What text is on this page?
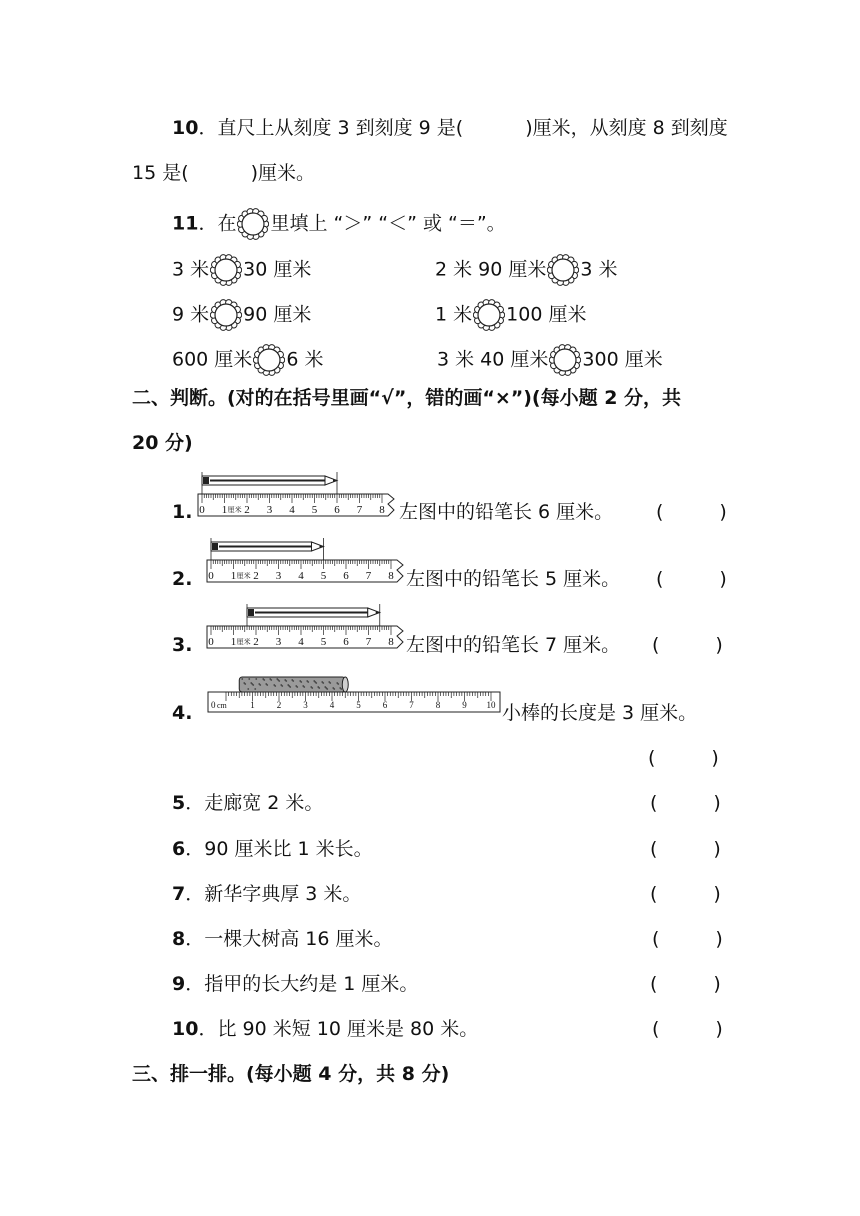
10．直尺上从刻度 3 到刻度 9 是(	)厘米，从刻度 8 到刻度
15 是(	)厘米。
11．在 里填上 “＞” “＜” 或 “＝”。
3 米 30 厘米	2 米 90 厘米 3 米
9 米 90 厘米	1 米 100 厘米
600 厘米 6 米	3 米 40 厘米 300 厘米
二、判断。(对的在括号里画“√”，错的画“×”)(每小题 2 分，共
20 分)
1. 0 1 2 3 4 5 6 7 8
厘米	左图中的铅笔长 6 厘米。 (	)
2. 0 1 2 3 4 5 6 7 8
厘米	左图中的铅笔长 5 厘米。 (	)
3. 0 1 2 3 4 5 6 7 8
厘米	左图中的铅笔长 7 厘米。 (	)
4. 0 cm	1 2 3 4 5 6 7 8 9 10 小棒的长度是 3 厘米。
(	)
5．走廊宽 2 米。	(	)
6．90 厘米比 1 米长。	(	)
7．新华字典厚 3 米。	(	)
8．一棵大树高 16 厘米。	(	)
9．指甲的长大约是 1 厘米。	(	)
10．比 90 米短 10 厘米是 80 米。	(	)
三、排一排。(每小题 4 分，共 8 分)
